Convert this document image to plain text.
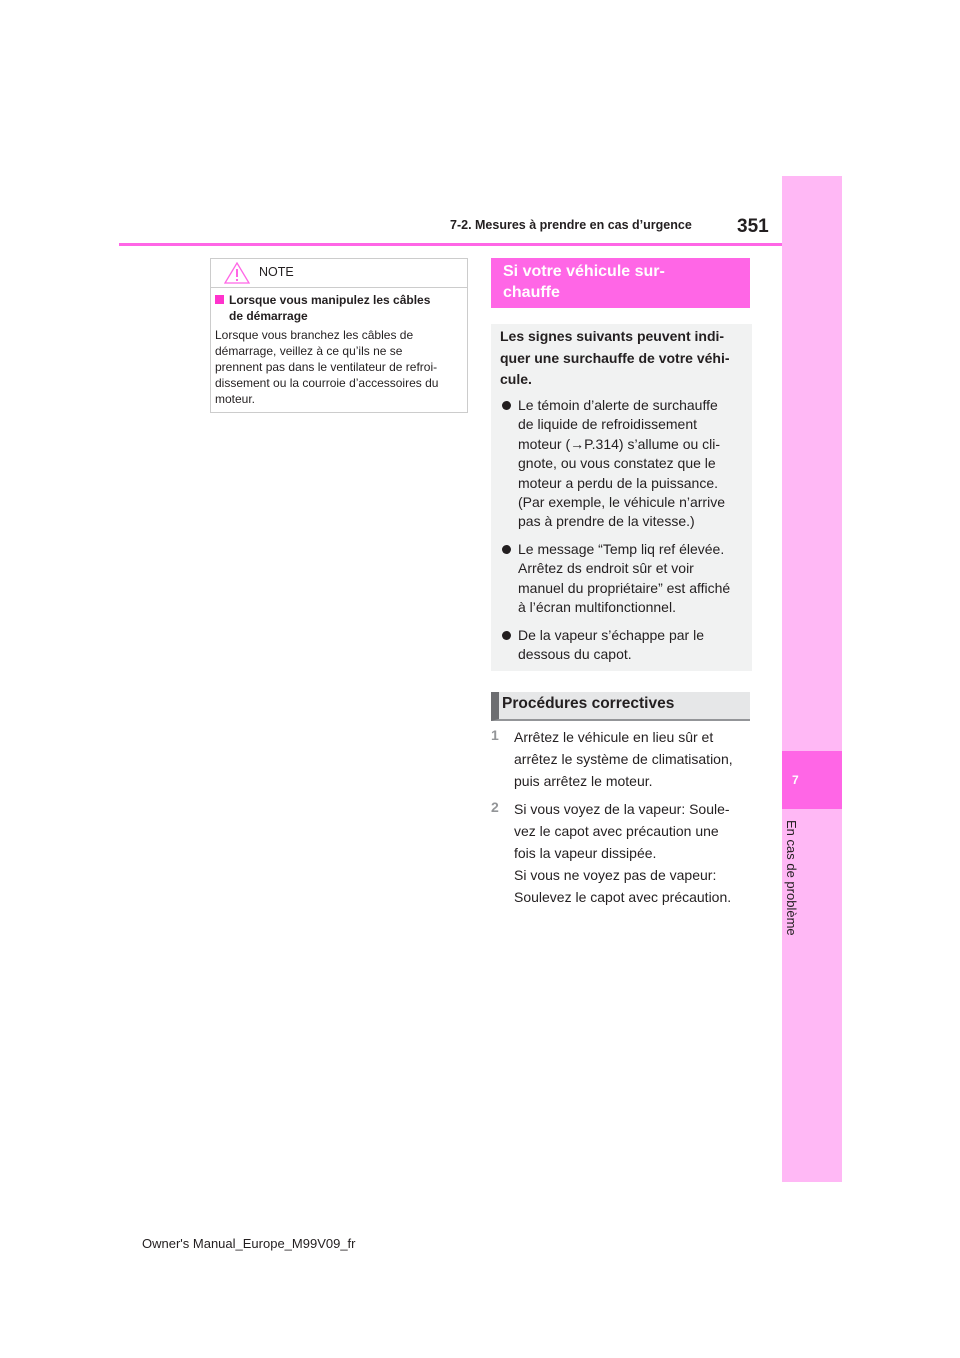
7
En cas de problème
7-2. Mesures à prendre en cas d’urgence 351
NOTE
Lorsque vous manipulez les câbles
de démarrage
Lorsque vous branchez les câbles de
démarrage, veillez à ce qu’ils ne se
prennent pas dans le ventilateur de refroi-
dissement ou la courroie d’accessoires du
moteur.
Si votre véhicule sur-
chauffe
Les signes suivants peuvent indi-
quer une surchauffe de votre véhi-
cule.
Le témoin d’alerte de surchauffe
de liquide de refroidissement
moteur (→P.314) s’allume ou cli-
gnote, ou vous constatez que le
moteur a perdu de la puissance.
(Par exemple, le véhicule n’arrive
pas à prendre de la vitesse.)
Le message “Temp liq ref élevée.
Arrêtez ds endroit sûr et voir
manuel du propriétaire” est affiché
à l’écran multifonctionnel.
De la vapeur s’échappe par le
dessous du capot.
Procédures correctives
1 Arrêtez le véhicule en lieu sûr et
arrêtez le système de climatisation,
puis arrêtez le moteur.
2 Si vous voyez de la vapeur: Soule-
vez le capot avec précaution une
fois la vapeur dissipée.
Si vous ne voyez pas de vapeur:
Soulevez le capot avec précaution.
Owner's Manual_Europe_M99V09_fr
